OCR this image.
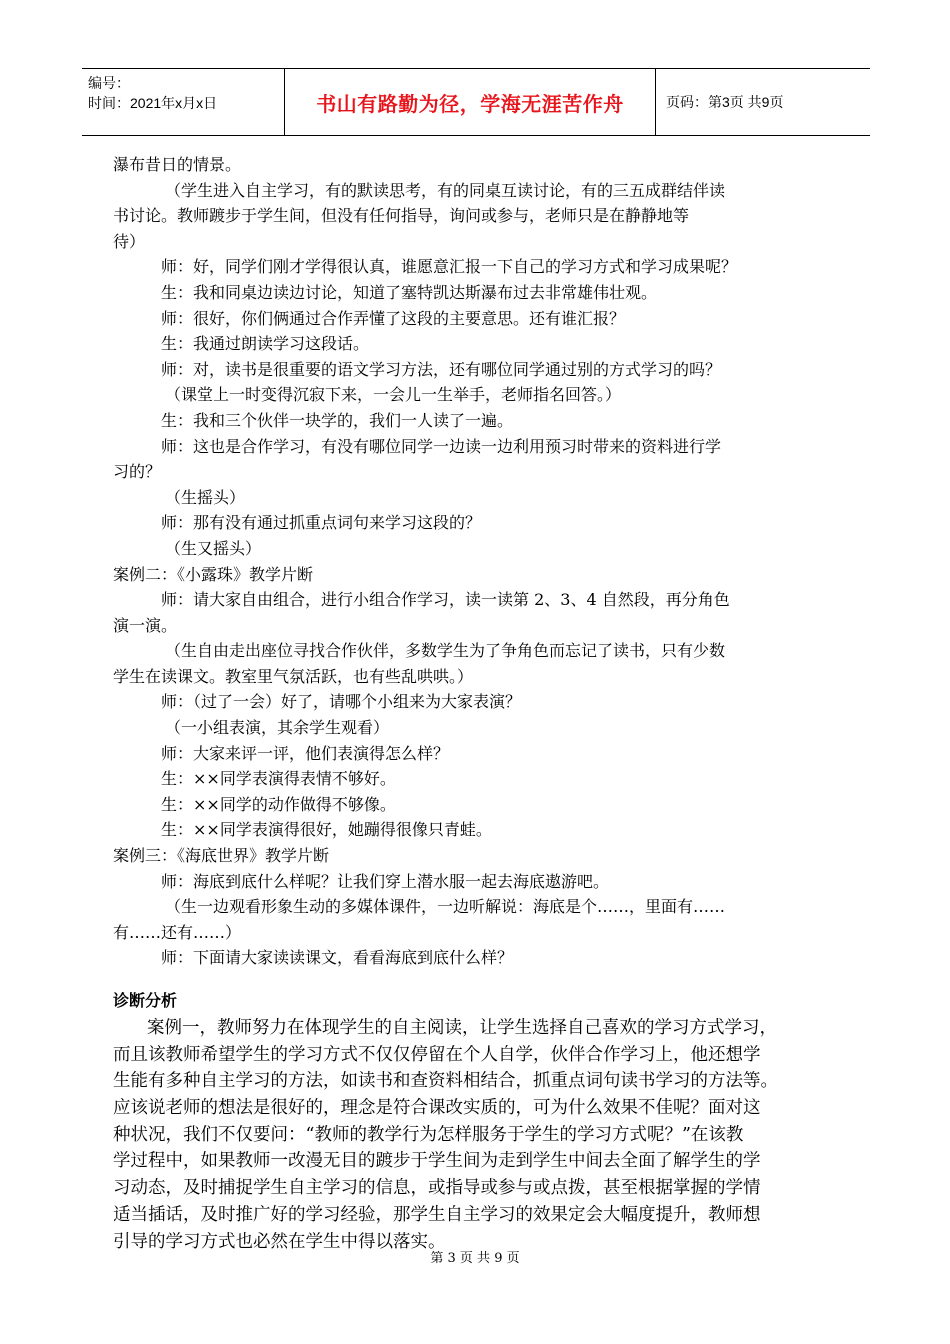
编号：
时间：2021年x月x日	书山有路勤为径，学海无涯苦作舟	页码：第3页 共9页
瀑布昔日的情景。
（学生进入自主学习，有的默读思考，有的同桌互读讨论，有的三五成群结伴读
书讨论。教师踱步于学生间，但没有任何指导，询问或参与，老师只是在静静地等
待）
师：好，同学们刚才学得很认真，谁愿意汇报一下自己的学习方式和学习成果呢？
生：我和同桌边读边讨论，知道了塞特凯达斯瀑布过去非常雄伟壮观。
师：很好，你们俩通过合作弄懂了这段的主要意思。还有谁汇报？
生：我通过朗读学习这段话。
师：对，读书是很重要的语文学习方法，还有哪位同学通过别的方式学习的吗？
（课堂上一时变得沉寂下来，一会儿一生举手，老师指名回答。）
生：我和三个伙伴一块学的，我们一人读了一遍。
师：这也是合作学习，有没有哪位同学一边读一边利用预习时带来的资料进行学
习的？
（生摇头）
师：那有没有通过抓重点词句来学习这段的？
（生又摇头）
案例二：《小露珠》教学片断
师：请大家自由组合，进行小组合作学习，读一读第 2、3、4 自然段，再分角色
演一演。
（生自由走出座位寻找合作伙伴，多数学生为了争角色而忘记了读书，只有少数
学生在读课文。教室里气氛活跃，也有些乱哄哄。）
师：（过了一会）好了，请哪个小组来为大家表演？
（一小组表演，其余学生观看）
师：大家来评一评，他们表演得怎么样？
生：××同学表演得表情不够好。
生：××同学的动作做得不够像。
生：××同学表演得很好，她蹦得很像只青蛙。
案例三：《海底世界》教学片断
师：海底到底什么样呢？让我们穿上潜水服一起去海底遨游吧。
（生一边观看形象生动的多媒体课件，一边听解说：海底是个……，里面有……
有……还有……）
师：下面请大家读读课文，看看海底到底什么样？
诊断分析
案例一，教师努力在体现学生的自主阅读，让学生选择自己喜欢的学习方式学习，
而且该教师希望学生的学习方式不仅仅停留在个人自学，伙伴合作学习上，他还想学
生能有多种自主学习的方法，如读书和查资料相结合，抓重点词句读书学习的方法等。
应该说老师的想法是很好的，理念是符合课改实质的，可为什么效果不佳呢？面对这
种状况，我们不仅要问：“教师的教学行为怎样服务于学生的学习方式呢？”在该教
学过程中，如果教师一改漫无目的踱步于学生间为走到学生中间去全面了解学生的学
习动态，及时捕捉学生自主学习的信息，或指导或参与或点拨，甚至根据掌握的学情
适当插话，及时推广好的学习经验，那学生自主学习的效果定会大幅度提升，教师想
引导的学习方式也必然在学生中得以落实。
第 3 页 共 9 页
